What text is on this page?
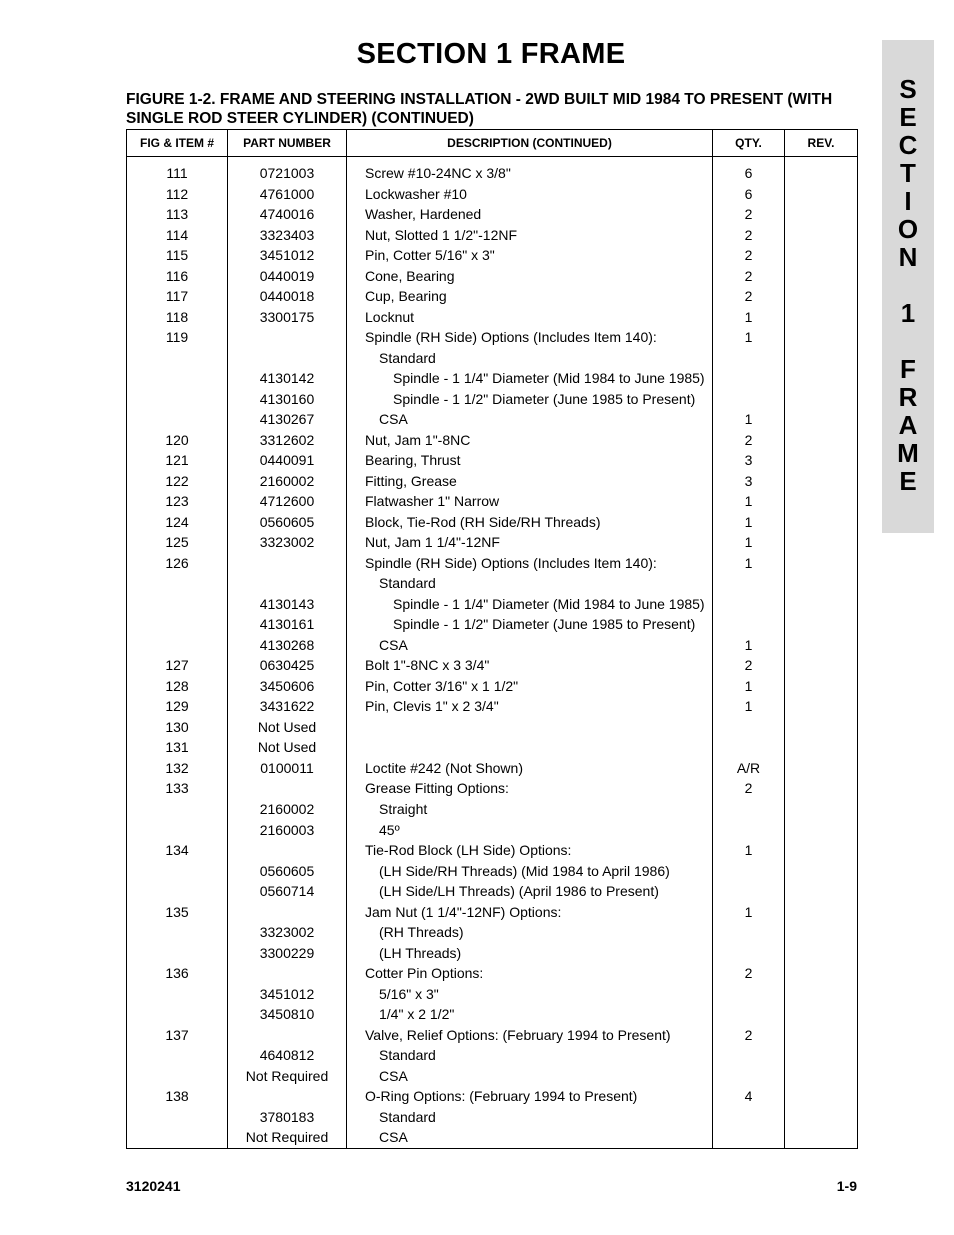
SECTION 1 FRAME
FIGURE 1-2. FRAME AND STEERING INSTALLATION - 2WD BUILT MID 1984 TO PRESENT (WITH
SINGLE ROD STEER CYLINDER) (CONTINUED)
S
E
C
T
I
O
N
1
F
R
A
M
E
FIG & ITEM #	PART NUMBER	DESCRIPTION (CONTINUED)	QTY.	REV.

111	0721003	Screw #10-24NC x 3/8"	6	
112	4761000	Lockwasher #10	6	
113	4740016	Washer, Hardened	2	
114	3323403	Nut, Slotted 1 1/2"-12NF	2	
115	3451012	Pin, Cotter 5/16" x 3"	2	
116	0440019	Cone, Bearing	2	
117	0440018	Cup, Bearing	2	
118	3300175	Locknut	1	
119		Spindle (RH Side) Options (Includes Item 140):	1	
		Standard		
	4130142	Spindle - 1 1/4" Diameter (Mid 1984 to June 1985)		
	4130160	Spindle - 1 1/2" Diameter (June 1985 to Present)		
	4130267	CSA	1	
120	3312602	Nut, Jam 1"-8NC	2	
121	0440091	Bearing, Thrust	3	
122	2160002	Fitting, Grease	3	
123	4712600	Flatwasher 1" Narrow	1	
124	0560605	Block, Tie-Rod (RH Side/RH Threads)	1	
125	3323002	Nut, Jam 1 1/4"-12NF	1	
126		Spindle (RH Side) Options (Includes Item 140):	1	
		Standard		
	4130143	Spindle - 1 1/4" Diameter (Mid 1984 to June 1985)		
	4130161	Spindle - 1 1/2" Diameter (June 1985 to Present)		
	4130268	CSA	1	
127	0630425	Bolt 1"-8NC x 3 3/4"	2	
128	3450606	Pin, Cotter 3/16" x 1 1/2"	1	
129	3431622	Pin, Clevis 1" x 2 3/4"	1	
130	Not Used			
131	Not Used			
132	0100011	Loctite #242 (Not Shown)	A/R	
133		Grease Fitting Options:	2	
	2160002	Straight		
	2160003	45º		
134		Tie-Rod Block (LH Side) Options:	1	
	0560605	(LH Side/RH Threads) (Mid 1984 to April 1986)		
	0560714	(LH Side/LH Threads) (April 1986 to Present)		
135		Jam Nut (1 1/4"-12NF) Options:	1	
	3323002	(RH Threads)		
	3300229	(LH Threads)		
136		Cotter Pin Options:	2	
	3451012	5/16" x 3"		
	3450810	1/4" x 2 1/2"		
137		Valve, Relief Options: (February 1994 to Present)	2	
	4640812	Standard		
	Not Required	CSA		
138		O-Ring Options: (February 1994 to Present)	4	
	3780183	Standard		
	Not Required	CSA		

3120241	1-9
